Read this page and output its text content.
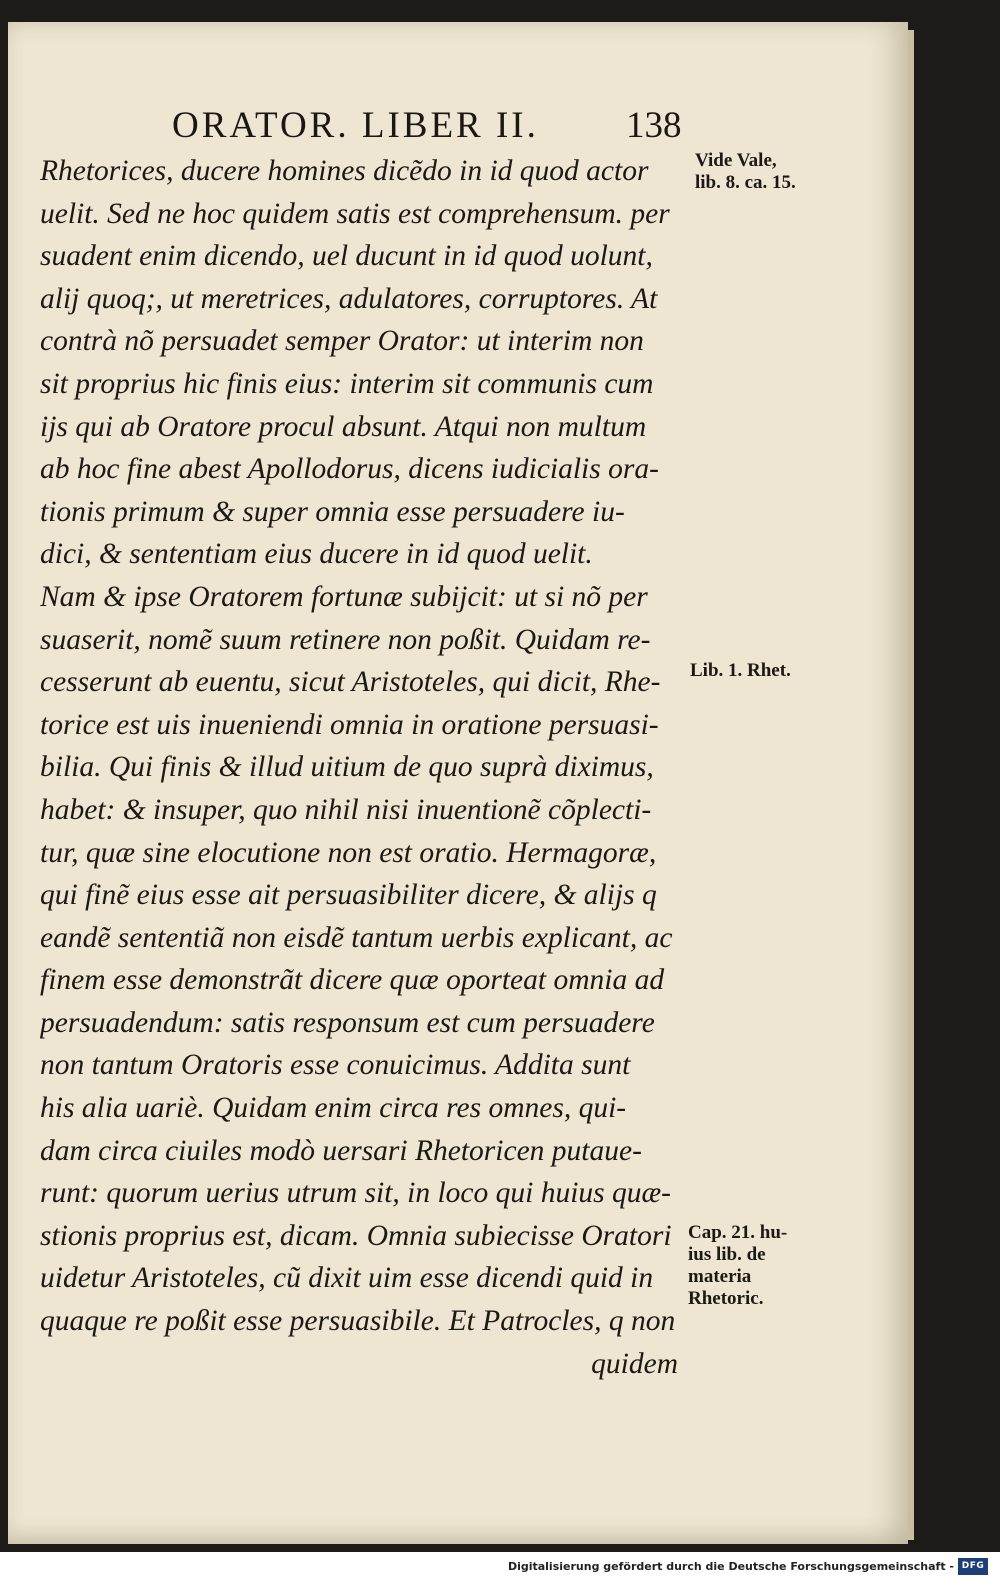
ORATOR. LIBER II. 138
Rhetorices, ducere homines dicẽdo in id quod actor
uelit. Sed ne hoc quidem satis est comprehensum. per
suadent enim dicendo, uel ducunt in id quod uolunt,
alij quoq;, ut meretrices, adulatores, corruptores. At
contrà nõ persuadet semper Orator: ut interim non
sit proprius hic finis eius: interim sit communis cum
ijs qui ab Oratore procul absunt. Atqui non multum
ab hoc fine abest Apollodorus, dicens iudicialis ora-
tionis primum & super omnia esse persuadere iu-
dici, & sententiam eius ducere in id quod uelit.
Nam & ipse Oratorem fortunæ subijcit: ut si nõ per
suaserit, nomẽ suum retinere non poßit. Quidam re-
cesserunt ab euentu, sicut Aristoteles, qui dicit, Rhe-
torice est uis inueniendi omnia in oratione persuasi-
bilia. Qui finis & illud uitium de quo suprà diximus,
habet: & insuper, quo nihil nisi inuentionẽ cõplecti-
tur, quæ sine elocutione non est oratio. Hermagoræ,
qui finẽ eius esse ait persuasibiliter dicere, & alijs q
eandẽ sententiã non eisdẽ tantum uerbis explicant, ac
finem esse demonstrãt dicere quæ oporteat omnia ad
persuadendum: satis responsum est cum persuadere
non tantum Oratoris esse conuicimus. Addita sunt
his alia uariè. Quidam enim circa res omnes, qui-
dam circa ciuiles modò uersari Rhetoricen putaue-
runt: quorum uerius utrum sit, in loco qui huius quæ-
stionis proprius est, dicam. Omnia subiecisse Oratori
uidetur Aristoteles, cũ dixit uim esse dicendi quid in
quaque re poßit esse persuasibile. Et Patrocles, q non
quidem
Vide Vale,
lib. 8. ca. 15.
Lib. 1. Rhet.
Cap. 21. hu-
ius lib. de
materia
Rhetoric.
Digitalisierung gefördert durch die Deutsche Forschungsgemeinschaft - DFG
